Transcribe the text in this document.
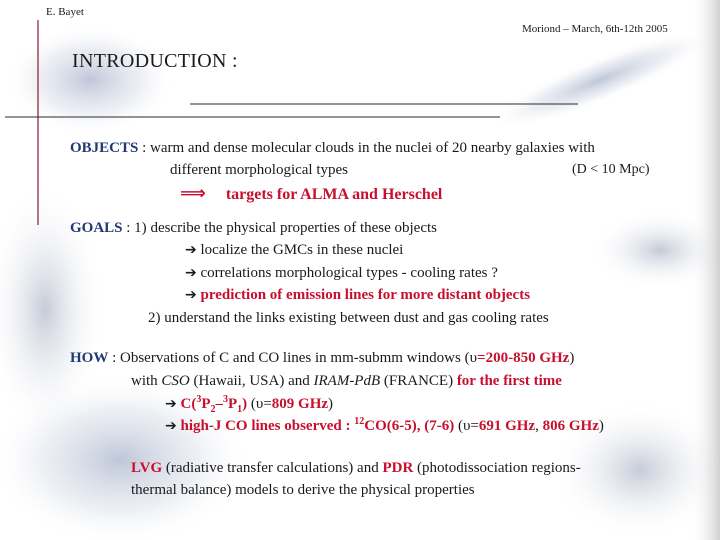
E. Bayet
Moriond – March, 6th-12th 2005
INTRODUCTION :
OBJECTS : warm and dense molecular clouds in the nuclei of 20 nearby galaxies with
different morphological types	(D < 10 Mpc)
⟹ targets for ALMA and Herschel
GOALS : 1) describe the physical properties of these objects
➔ localize the GMCs in these nuclei
➔ correlations morphological types - cooling rates ?
➔ prediction of emission lines for more distant objects
2) understand the links existing between dust and gas cooling rates
HOW : Observations of C and CO lines in mm-submm windows (υ=200-850 GHz)
with CSO (Hawaii, USA) and IRAM-PdB (FRANCE) for the first time
➔ $C(^3P_2-^3P_1)$ (υ=809 GHz)
➔ high-J CO lines observed : $^{12}$CO(6-5), (7-6) (υ=691 GHz, 806 GHz)
LVG (radiative transfer calculations) and PDR (photodissociation regions-
thermal balance) models to derive the physical properties
